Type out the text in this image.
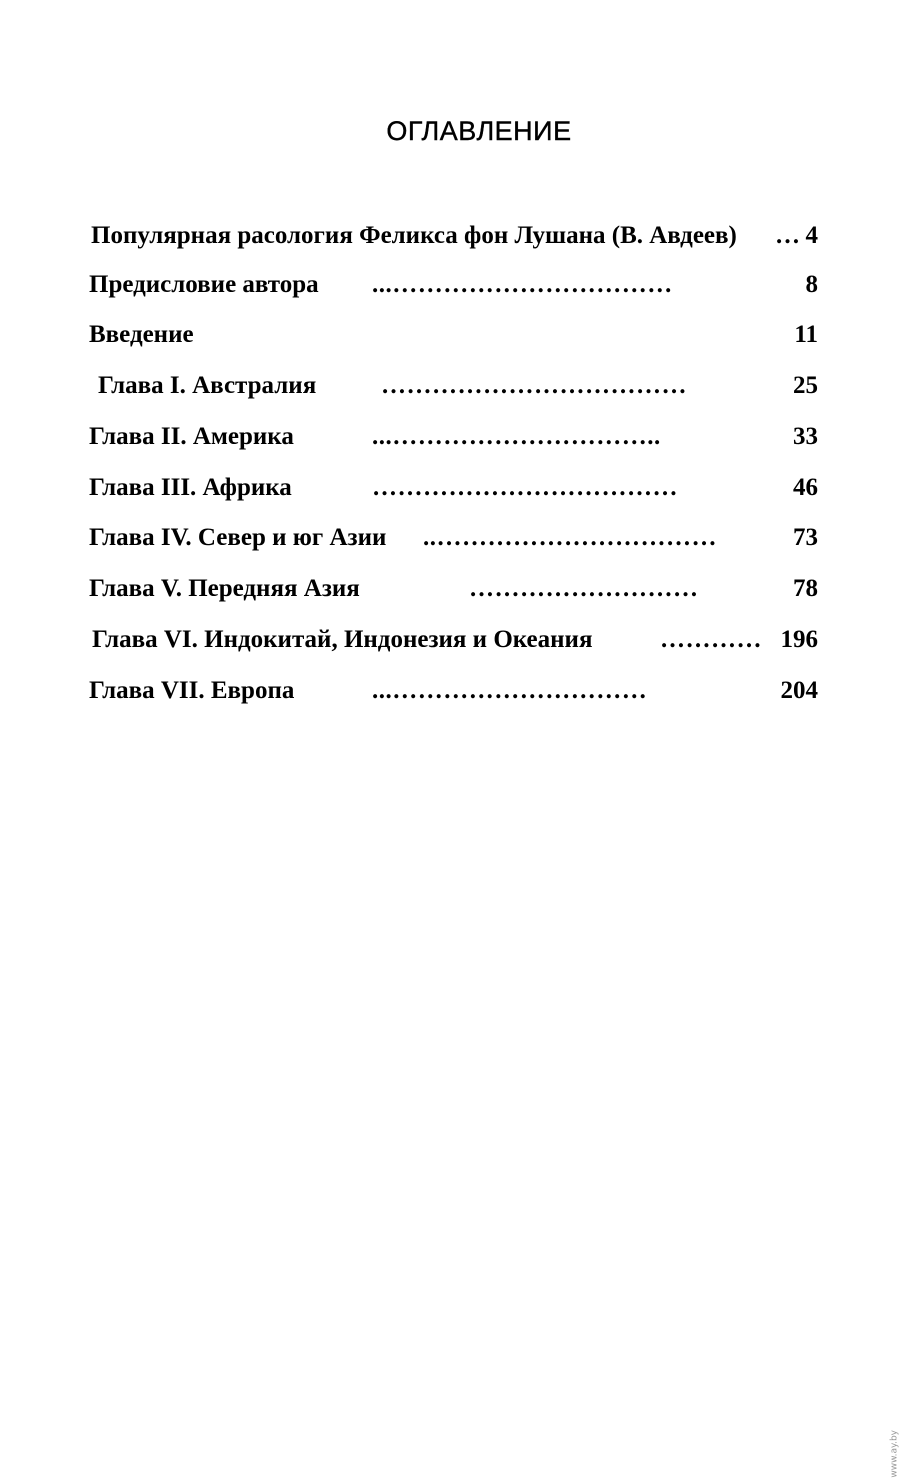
ОГЛАВЛЕНИЕ
Популярная расология Феликса фон Лушана (В. Авдеев) … 4
Предисловие автора ...……………………………	8
Введение	11
Глава I. Австралия	………………………………	25
Глава II. Америка	...…………………………..	33
Глава III. Африка	………………………………	46
Глава IV. Север и юг Азии ..……………………………	73
Глава V. Передняя Азия	………………………	78
Глава VI. Индокитай, Индонезия и Океания	………… 196
Глава VII. Европа	...…………………………	204
www.ay.by
